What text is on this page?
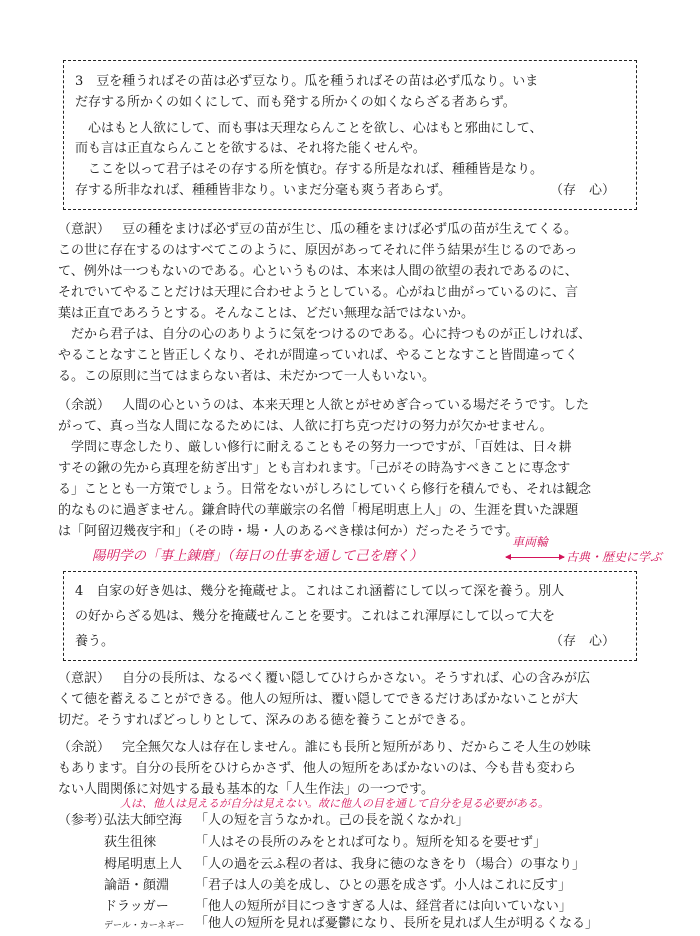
3　豆を種うればその苗は必ず豆なり。瓜を種うればその苗は必ず瓜なり。いま
だ存する所かくの如くにして、而も発する所かくの如くならざる者あらず。
　心はもと人欲にして、而も事は天理ならんことを欲し、心はもと邪曲にして、
而も言は正直ならんことを欲するは、それ将た能くせんや。
　ここを以って君子はその存する所を慎む。存する所是なれば、種種皆是なり。
存する所非なれば、種種皆非なり。いまだ分毫も爽う者あらず。	（存　心）
（意訳） 豆の種をまけば必ず豆の苗が生じ、瓜の種をまけば必ず瓜の苗が生えてくる。
この世に存在するのはすべてこのように、原因があってそれに伴う結果が生じるのであっ
て、例外は一つもないのである。心というものは、本来は人間の欲望の表れであるのに、
それでいてやることだけは天理に合わせようとしている。心がねじ曲がっているのに、言
葉は正直であろうとする。そんなことは、どだい無理な話ではないか。
　だから君子は、自分の心のありように気をつけるのである。心に持つものが正しければ、
やることなすこと皆正しくなり、それが間違っていれば、やることなすこと皆間違ってく
る。この原則に当てはまらない者は、未だかつて一人もいない。
（余説） 人間の心というのは、本来天理と人欲とがせめぎ合っている場だそうです。した
がって、真っ当な人間になるためには、人欲に打ち克つだけの努力が欠かせません。
　学問に専念したり、厳しい修行に耐えることもその努力一つですが、「百姓は、日々耕
すその鍬の先から真理を紡ぎ出す」とも言われます。「己がその時為すべきことに専念す
る」こととも一方策でしょう。日常をないがしろにしていくら修行を積んでも、それは観念
的なものに過ぎません。鎌倉時代の華厳宗の名僧「栂尾明恵上人」の、生涯を貫いた課題
は「阿留辺幾夜宇和」（その時・場・人のあるべき様は何か）だったそうです。
陽明学の「事上錬磨」（毎日の仕事を通して己を磨く）
車両輪
古典・歴史に学ぶ
4　自家の好き処は、幾分を掩蔵せよ。これはこれ涵蓄にして以って深を養う。別人
の好からざる処は、幾分を掩蔵せんことを要す。これはこれ渾厚にして以って大を
養う。	（存　心）
（意訳） 自分の長所は、なるべく覆い隠してひけらかさない。そうすれば、心の含みが広
くて徳を蓄えることができる。他人の短所は、覆い隠してできるだけあばかないことが大
切だ。そうすればどっしりとして、深みのある徳を養うことができる。
（余説） 完全無欠な人は存在しません。誰にも長所と短所があり、だからこそ人生の妙味
もあります。自分の長所をひけらかさず、他人の短所をあばかないのは、今も昔も変わら
ない人間関係に対処する最も基本的な「人生作法」の一つです。
人は、他人は見えるが自分は見えない。故に他人の目を通して自分を見る必要がある。
（参考）
弘法大師空海 「人の短を言うなかれ。己の長を説くなかれ」
荻生徂徠	「人はその長所のみをとれば可なり。短所を知るを要せず」
栂尾明恵上人 「人の過を云ふ程の者は、我身に徳のなきをり（場合）の事なり」
論語・顔淵 「君子は人の美を成し、ひとの悪を成さず。小人はこれに反す」
ドラッガー 「他人の短所が目につきすぎる人は、経営者には向いていない」
デール・カーネギー 「他人の短所を見れば憂鬱になり、長所を見れば人生が明るくなる」
